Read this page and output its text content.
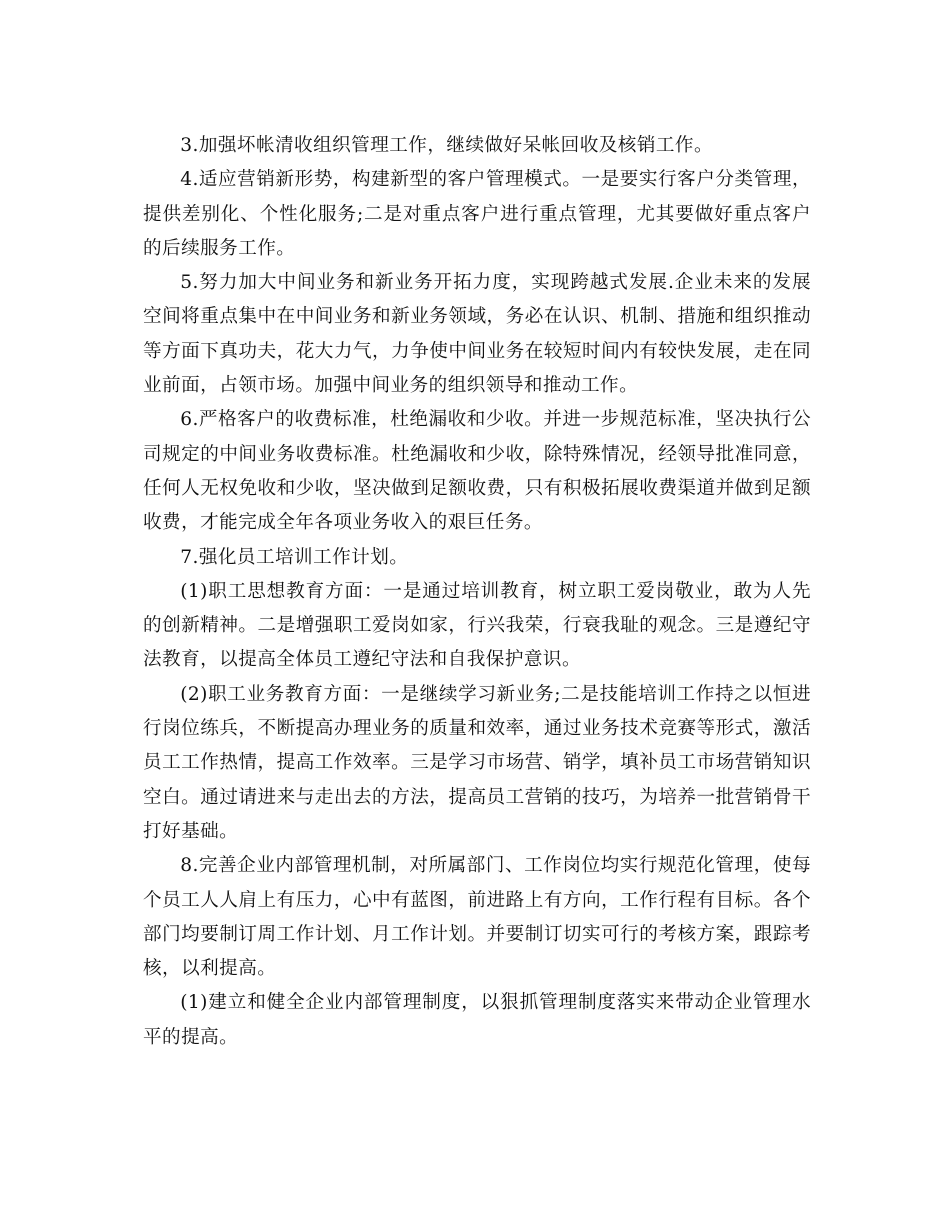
3.加强坏帐清收组织管理工作，继续做好呆帐回收及核销工作。

4.适应营销新形势，构建新型的客户管理模式。一是要实行客户分类管理，提供差别化、个性化服务;二是对重点客户进行重点管理，尤其要做好重点客户的后续服务工作。

5.努力加大中间业务和新业务开拓力度，实现跨越式发展.企业未来的发展空间将重点集中在中间业务和新业务领域，务必在认识、机制、措施和组织推动等方面下真功夫，花大力气，力争使中间业务在较短时间内有较快发展，走在同业前面，占领市场。加强中间业务的组织领导和推动工作。

6.严格客户的收费标准，杜绝漏收和少收。并进一步规范标准，坚决执行公司规定的中间业务收费标准。杜绝漏收和少收，除特殊情况，经领导批准同意，任何人无权免收和少收，坚决做到足额收费，只有积极拓展收费渠道并做到足额收费，才能完成全年各项业务收入的艰巨任务。

7.强化员工培训工作计划。

(1)职工思想教育方面：一是通过培训教育，树立职工爱岗敬业，敢为人先的创新精神。二是增强职工爱岗如家，行兴我荣，行衰我耻的观念。三是遵纪守法教育，以提高全体员工遵纪守法和自我保护意识。

(2)职工业务教育方面：一是继续学习新业务;二是技能培训工作持之以恒进行岗位练兵，不断提高办理业务的质量和效率，通过业务技术竞赛等形式，激活员工工作热情，提高工作效率。三是学习市场营、销学，填补员工市场营销知识空白。通过请进来与走出去的方法，提高员工营销的技巧，为培养一批营销骨干打好基础。

8.完善企业内部管理机制，对所属部门、工作岗位均实行规范化管理，使每个员工人人肩上有压力，心中有蓝图，前进路上有方向，工作行程有目标。各个部门均要制订周工作计划、月工作计划。并要制订切实可行的考核方案，跟踪考核，以利提高。

(1)建立和健全企业内部管理制度，以狠抓管理制度落实来带动企业管理水平的提高。
